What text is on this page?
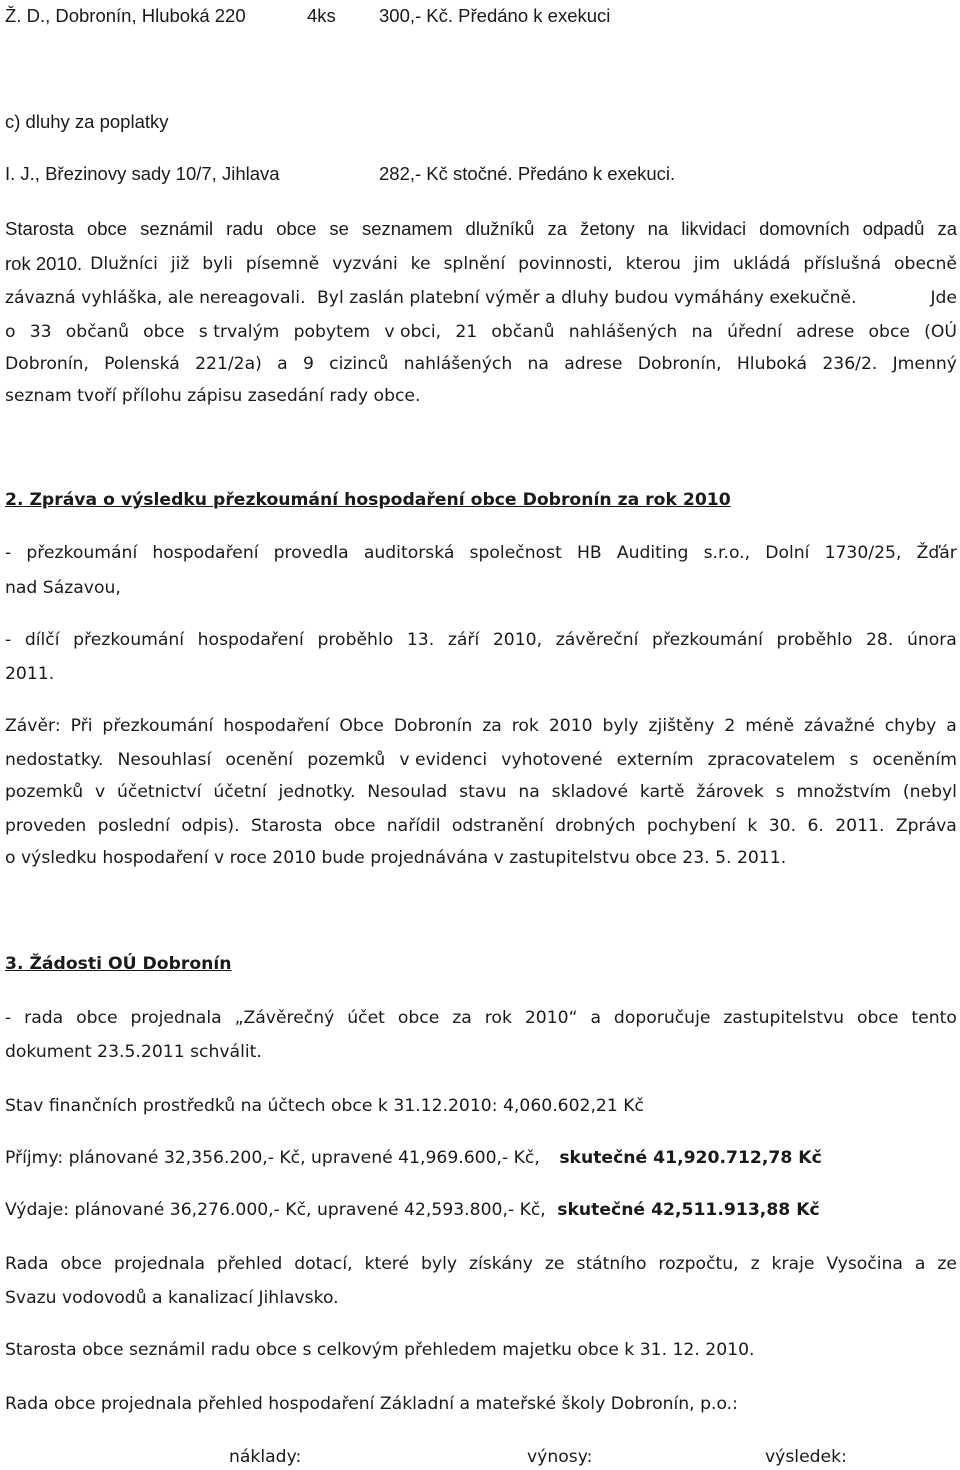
Ž. D., Dobronín, Hluboká 220	4ks 300,- Kč. Předáno k exekuci
c) dluhy za poplatky
I. J., Březinovy sady 10/7, Jihlava	282,- Kč stočné. Předáno k exekuci.
Starosta obce seznámil radu obce se seznamem dlužníků za žetony na likvidaci domovních odpadů za
rok 2010. Dlužníci již byli písemně vyzváni ke splnění povinnosti, kterou jim ukládá příslušná obecně
závazná vyhláška, ale nereagovali. Byl zaslán platební výměr a dluhy budou vymáhány exekučně.	Jde
o 33 občanů obce s trvalým pobytem v obci, 21 občanů nahlášených na úřední adrese obce (OÚ
Dobronín, Polenská 221/2a) a 9 cizinců nahlášených na adrese Dobronín, Hluboká 236/2. Jmenný
seznam tvoří přílohu zápisu zasedání rady obce.
2. Zpráva o výsledku přezkoumání hospodaření obce Dobronín za rok 2010
- přezkoumání hospodaření provedla auditorská společnost HB Auditing s.r.o., Dolní 1730/25, Žďár
nad Sázavou,
- dílčí přezkoumání hospodaření proběhlo 13. září 2010, závěreční přezkoumání proběhlo 28. února
2011.
Závěr: Při přezkoumání hospodaření Obce Dobronín za rok 2010 byly zjištěny 2 méně závažné chyby a
nedostatky. Nesouhlasí ocenění pozemků v evidenci vyhotovené externím zpracovatelem s oceněním
pozemků v účetnictví účetní jednotky. Nesoulad stavu na skladové kartě žárovek s množstvím (nebyl
proveden poslední odpis). Starosta obce nařídil odstranění drobných pochybení k 30. 6. 2011. Zpráva
o výsledku hospodaření v roce 2010 bude projednávána v zastupitelstvu obce 23. 5. 2011.
3. Žádosti OÚ Dobronín
- rada obce projednala „Závěrečný účet obce za rok 2010“ a doporučuje zastupitelstvu obce tento
dokument 23.5.2011 schválit.
Stav finančních prostředků na účtech obce k 31.12.2010: 4,060.602,21 Kč
Příjmy: plánované 32,356.200,- Kč, upravené 41,969.600,- Kč, skutečné 41,920.712,78 Kč
Výdaje: plánované 36,276.000,- Kč, upravené 42,593.800,- Kč, skutečné 42,511.913,88 Kč
Rada obce projednala přehled dotací, které byly získány ze státního rozpočtu, z kraje Vysočina a ze
Svazu vodovodů a kanalizací Jihlavsko.
Starosta obce seznámil radu obce s celkovým přehledem majetku obce k 31. 12. 2010.
Rada obce projednala přehled hospodaření Základní a mateřské školy Dobronín, p.o.:
náklady:	výnosy:	výsledek:
